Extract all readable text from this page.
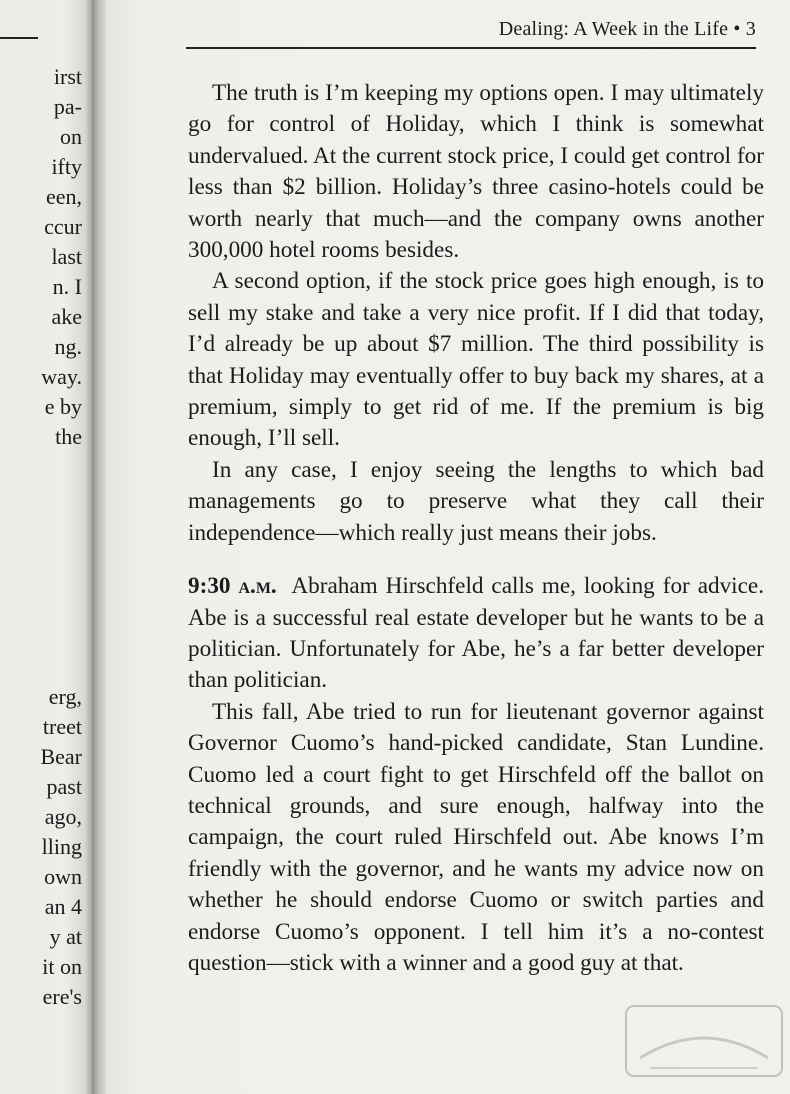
irst
pa-
on
ifty
een,
ccur
last
n. I
ake
ng.
way.
e by
the
erg,
treet
Bear
past
ago,
lling
own
an 4
y at
it on
ere's
Dealing: A Week in the Life • 3

The truth is I’m keeping my options open. I may ultimately go for control of Holiday, which I think is somewhat undervalued. At the current stock price, I could get control for less than $2 billion. Holiday’s three casino-hotels could be worth nearly that much—and the company owns another 300,000 hotel rooms besides.

A second option, if the stock price goes high enough, is to sell my stake and take a very nice profit. If I did that today, I’d already be up about $7 million. The third possibility is that Holiday may eventually offer to buy back my shares, at a premium, simply to get rid of me. If the premium is big enough, I’ll sell.

In any case, I enjoy seeing the lengths to which bad managements go to preserve what they call their independence—which really just means their jobs.

9:30 a.m. Abraham Hirschfeld calls me, looking for advice. Abe is a successful real estate developer but he wants to be a politician. Unfortunately for Abe, he’s a far better developer than politician.

This fall, Abe tried to run for lieutenant governor against Governor Cuomo’s hand-picked candidate, Stan Lundine. Cuomo led a court fight to get Hirschfeld off the ballot on technical grounds, and sure enough, halfway into the campaign, the court ruled Hirschfeld out. Abe knows I’m friendly with the governor, and he wants my advice now on whether he should endorse Cuomo or switch parties and endorse Cuomo’s opponent. I tell him it’s a no-contest question—stick with a winner and a good guy at that.
